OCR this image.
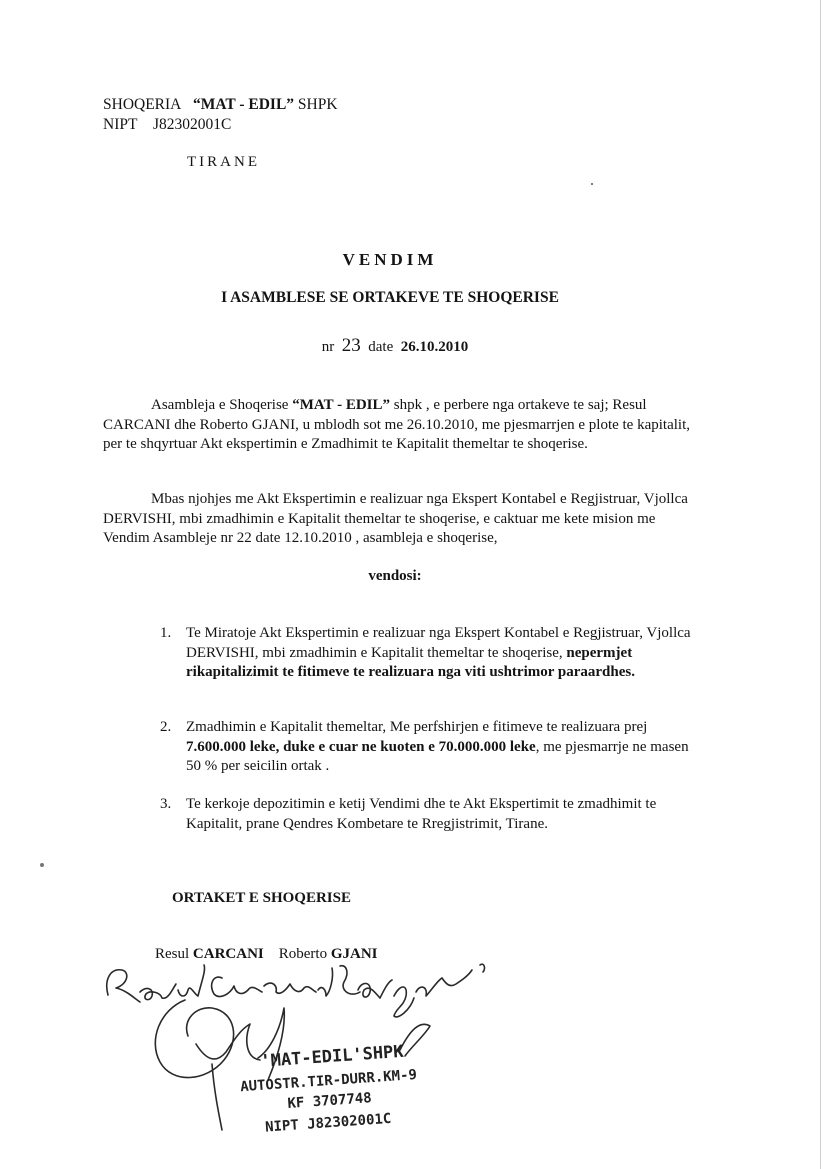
SHOQERIA “MAT - EDIL” SHPK
NIPT J82302001C
TIRANE
VENDIM
I ASAMBLESE SE ORTAKEVE TE SHOQERISE
nr 23 date 26.10.2010
Asambleja e Shoqerise “MAT - EDIL” shpk , e perbere nga ortakeve te saj; Resul CARCANI dhe Roberto GJANI, u mblodh sot me 26.10.2010, me pjesmarrjen e plote te kapitalit, per te shqyrtuar Akt ekspertimin e Zmadhimit te Kapitalit themeltar te shoqerise.
Mbas njohjes me Akt Ekspertimin e realizuar nga Ekspert Kontabel e Regjistruar, Vjollca DERVISHI, mbi zmadhimin e Kapitalit themeltar te shoqerise, e caktuar me kete mision me Vendim Asambleje nr 22 date 12.10.2010 , asambleja e shoqerise,
vendosi:
1. Te Miratoje Akt Ekspertimin e realizuar nga Ekspert Kontabel e Regjistruar, Vjollca DERVISHI, mbi zmadhimin e Kapitalit themeltar te shoqerise, nepermjet rikapitalizimit te fitimeve te realizuara nga viti ushtrimor paraardhes.
2. Zmadhimin e Kapitalit themeltar, Me perfshirjen e fitimeve te realizuara prej 7.600.000 leke, duke e cuar ne kuoten e 70.000.000 leke, me pjesmarrje ne masen 50 % per seicilin ortak .
3. Te kerkoje depozitimin e ketij Vendimi dhe te Akt Ekspertimit te zmadhimit te Kapitalit, prane Qendres Kombetare te Rregjistrimit, Tirane.
ORTAKET E SHOQERISE
Resul CARCANI Roberto GJANI
'MAT-EDIL'SHPK
AUTOSTR.TIR-DURR.KM-9
KF 3707748
NIPT J82302001C
